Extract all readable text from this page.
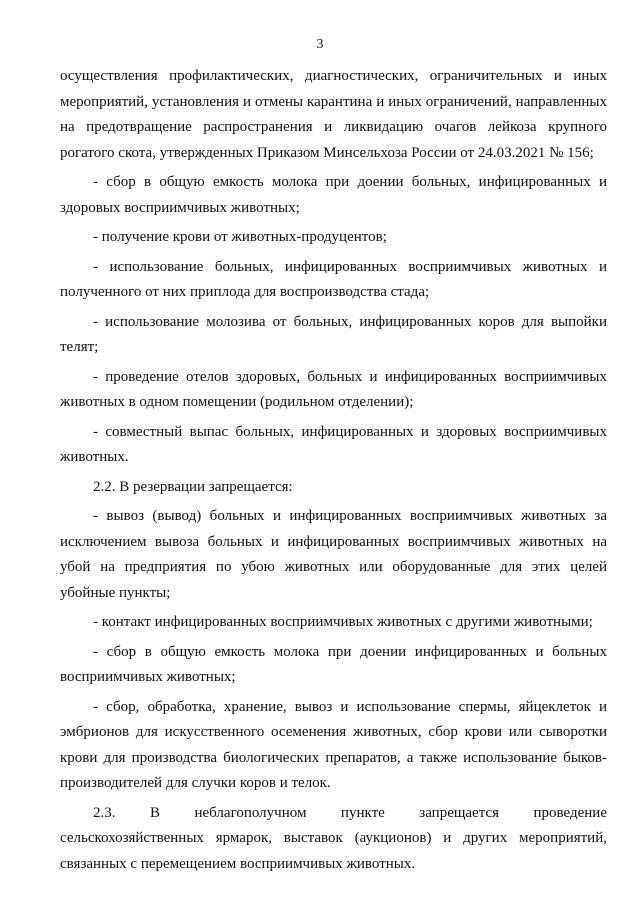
3
осуществления профилактических, диагностических, ограничительных и иных
мероприятий, установления и отмены карантина и иных ограничений, направленных
на предотвращение распространения и ликвидацию очагов лейкоза крупного
рогатого скота, утвержденных Приказом Минсельхоза России от 24.03.2021 № 156;
- сбор в общую емкость молока при доении больных, инфицированных и
здоровых восприимчивых животных;
- получение крови от животных-продуцентов;
- использование больных, инфицированных восприимчивых животных и
полученного от них приплода для воспроизводства стада;
- использование молозива от больных, инфицированных коров для выпойки
телят;
- проведение отелов здоровых, больных и инфицированных восприимчивых
животных в одном помещении (родильном отделении);
- совместный выпас больных, инфицированных и здоровых восприимчивых
животных.
2.2. В резервации запрещается:
- вывоз (вывод) больных и инфицированных восприимчивых животных за
исключением вывоза больных и инфицированных восприимчивых животных на
убой на предприятия по убою животных или оборудованные для этих целей
убойные пункты;
- контакт инфицированных восприимчивых животных с другими животными;
- сбор в общую емкость молока при доении инфицированных и больных
восприимчивых животных;
- сбор, обработка, хранение, вывоз и использование спермы, яйцеклеток и
эмбрионов для искусственного осеменения животных, сбор крови или сыворотки
крови для производства биологических препаратов, а также использование быков-
производителей для случки коров и телок.
2.3. В неблагополучном пункте запрещается проведение
сельскохозяйственных ярмарок, выставок (аукционов) и других мероприятий,
связанных с перемещением восприимчивых животных.
